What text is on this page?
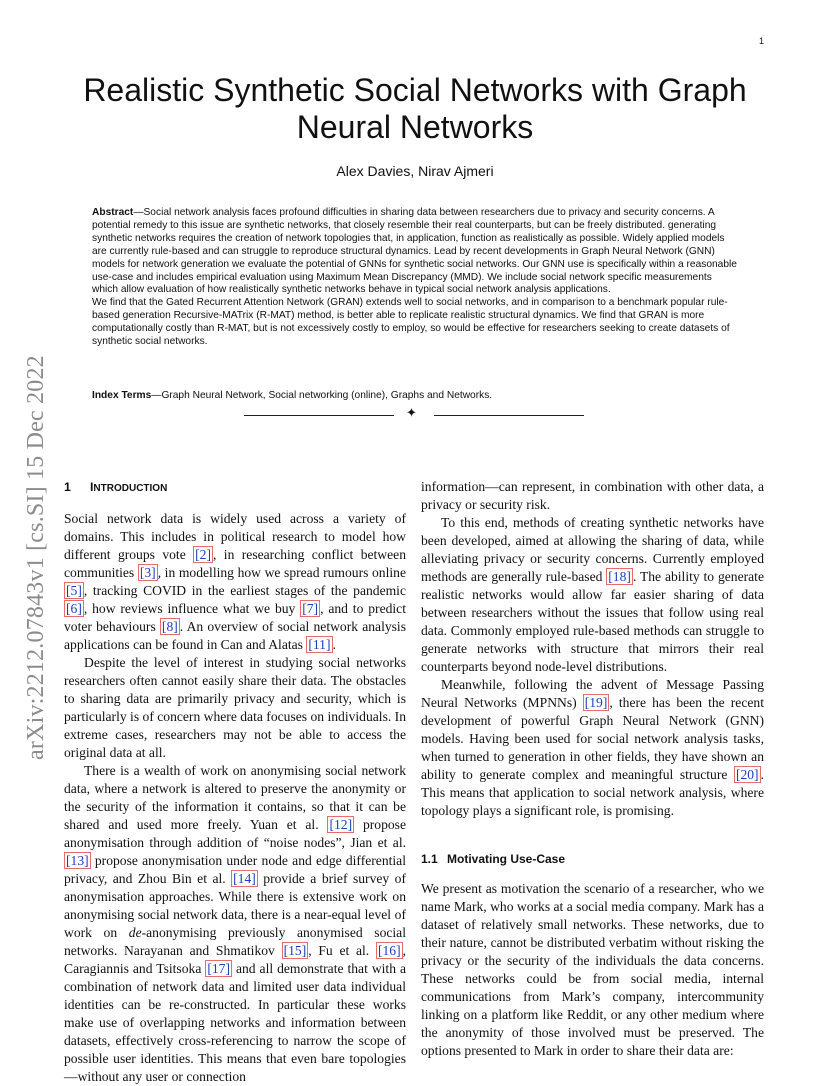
1
arXiv:2212.07843v1 [cs.SI] 15 Dec 2022
Realistic Synthetic Social Networks with Graph Neural Networks
Alex Davies, Nirav Ajmeri

Abstract—Social network analysis faces profound difficulties in sharing data between researchers due to privacy and security concerns. A potential remedy to this issue are synthetic networks, that closely resemble their real counterparts, but can be freely distributed. generating synthetic networks requires the creation of network topologies that, in application, function as realistically as possible. Widely applied models are currently rule-based and can struggle to reproduce structural dynamics. Lead by recent developments in Graph Neural Network (GNN) models for network generation we evaluate the potential of GNNs for synthetic social networks. Our GNN use is specifically within a reasonable use-case and includes empirical evaluation using Maximum Mean Discrepancy (MMD). We include social network specific measurements which allow evaluation of how realistically synthetic networks behave in typical social network analysis applications.

We find that the Gated Recurrent Attention Network (GRAN) extends well to social networks, and in comparison to a benchmark popular rule-based generation Recursive-MATrix (R-MAT) method, is better able to replicate realistic structural dynamics. We find that GRAN is more computationally costly than R-MAT, but is not excessively costly to employ, so would be effective for researchers seeking to create datasets of synthetic social networks.

Index Terms—Graph Neural Network, Social networking (online), Graphs and Networks.
✦
1 INTRODUCTION

Social network data is widely used across a variety of domains. This includes in political research to model how different groups vote [2] , in researching conflict between communities [3] , in modelling how we spread rumours online [5] , tracking COVID in the earliest stages of the pandemic [6] , how reviews influence what we buy [7] , and to predict voter behaviours [8] . An overview of social network analysis applications can be found in Can and Alatas [11] .

Despite the level of interest in studying social networks researchers often cannot easily share their data. The obstacles to sharing data are primarily privacy and security, which is particularly is of concern where data focuses on individuals. In extreme cases, researchers may not be able to access the original data at all.

There is a wealth of work on anonymising social network data, where a network is altered to preserve the anonymity or the security of the information it contains, so that it can be shared and used more freely. Yuan et al. [12] propose anonymisation through addition of “noise nodes”, Jian et al. [13] propose anonymisation under node and edge differential privacy, and Zhou Bin et al. [14] provide a brief survey of anonymisation approaches. While there is extensive work on anonymising social network data, there is a near-equal level of work on de-anonymising previously anonymised social networks. Narayanan and Shmatikov [15] , Fu et al. [16] , Caragiannis and Tsitsoka [17] and all demonstrate that with a combination of network data and limited user data individual identities can be re-constructed. In particular these works make use of overlapping networks and information between datasets, effectively cross-referencing to narrow the scope of possible user identities. This means that even bare topologies—without any user or connection

information—can represent, in combination with other data, a privacy or security risk.

To this end, methods of creating synthetic networks have been developed, aimed at allowing the sharing of data, while alleviating privacy or security concerns. Currently employed methods are generally rule-based [18] . The ability to generate realistic networks would allow far easier sharing of data between researchers without the issues that follow using real data. Commonly employed rule-based methods can struggle to generate networks with structure that mirrors their real counterparts beyond node-level distributions.

Meanwhile, following the advent of Message Passing Neural Networks (MPNNs) [19] , there has been the recent development of powerful Graph Neural Network (GNN) models. Having been used for social network analysis tasks, when turned to generation in other fields, they have shown an ability to generate complex and meaningful structure [20] . This means that application to social network analysis, where topology plays a significant role, is promising.

1.1 Motivating Use-Case

We present as motivation the scenario of a researcher, who we name Mark, who works at a social media company. Mark has a dataset of relatively small networks. These networks, due to their nature, cannot be distributed verbatim without risking the privacy or the security of the individuals the data concerns. These networks could be from social media, internal communications from Mark’s company, intercommunity linking on a platform like Reddit, or any other medium where the anonymity of those involved must be preserved. The options presented to Mark in order to share their data are:
